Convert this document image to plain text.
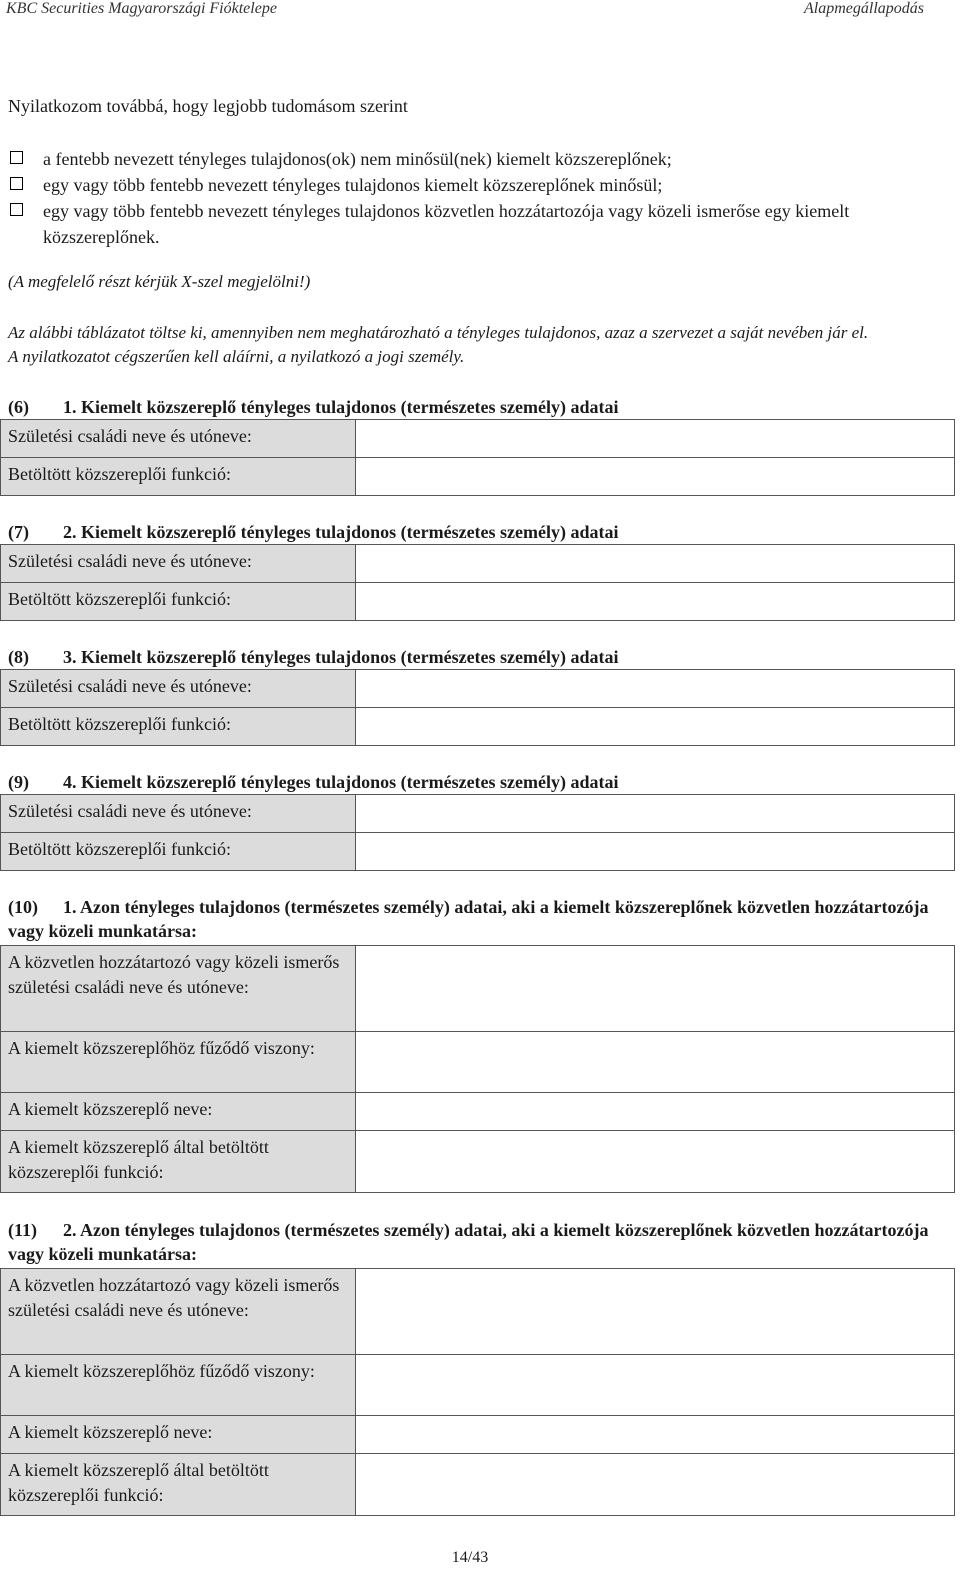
KBC Securities Magyarországi Fióktelepe	Alapmegállapodás
Nyilatkozom továbbá, hogy legjobb tudomásom szerint
a fentebb nevezett tényleges tulajdonos(ok) nem minősül(nek) kiemelt közszereplőnek;
egy vagy több fentebb nevezett tényleges tulajdonos kiemelt közszereplőnek minősül;
egy vagy több fentebb nevezett tényleges tulajdonos közvetlen hozzátartozója vagy közeli ismerőse egy kiemelt közszereplőnek.
(A megfelelő részt kérjük X-szel megjelölni!)
Az alábbi táblázatot töltse ki, amennyiben nem meghatározható a tényleges tulajdonos, azaz a szervezet a saját nevében jár el.
A nyilatkozatot cégszerűen kell aláírni, a nyilatkozó a jogi személy.
(6) 1. Kiemelt közszereplő tényleges tulajdonos (természetes személy) adatai
Születési családi neve és utóneve:	
Betöltött közszereplői funkció:	
(7) 2. Kiemelt közszereplő tényleges tulajdonos (természetes személy) adatai
Születési családi neve és utóneve:	
Betöltött közszereplői funkció:	
(8) 3. Kiemelt közszereplő tényleges tulajdonos (természetes személy) adatai
Születési családi neve és utóneve:	
Betöltött közszereplői funkció:	
(9) 4. Kiemelt közszereplő tényleges tulajdonos (természetes személy) adatai
Születési családi neve és utóneve:	
Betöltött közszereplői funkció:	
(10) 1. Azon tényleges tulajdonos (természetes személy) adatai, aki a kiemelt közszereplőnek közvetlen hozzátartozója vagy közeli munkatársa:
A közvetlen hozzátartozó vagy közeli ismerős születési családi neve és utóneve:	
A kiemelt közszereplőhöz fűződő viszony:	
A kiemelt közszereplő neve:	
A kiemelt közszereplő által betöltött közszereplői funkció:	
(11) 2. Azon tényleges tulajdonos (természetes személy) adatai, aki a kiemelt közszereplőnek közvetlen hozzátartozója vagy közeli munkatársa:
A közvetlen hozzátartozó vagy közeli ismerős születési családi neve és utóneve:	
A kiemelt közszereplőhöz fűződő viszony:	
A kiemelt közszereplő neve:	
A kiemelt közszereplő által betöltött közszereplői funkció:	
14/43
